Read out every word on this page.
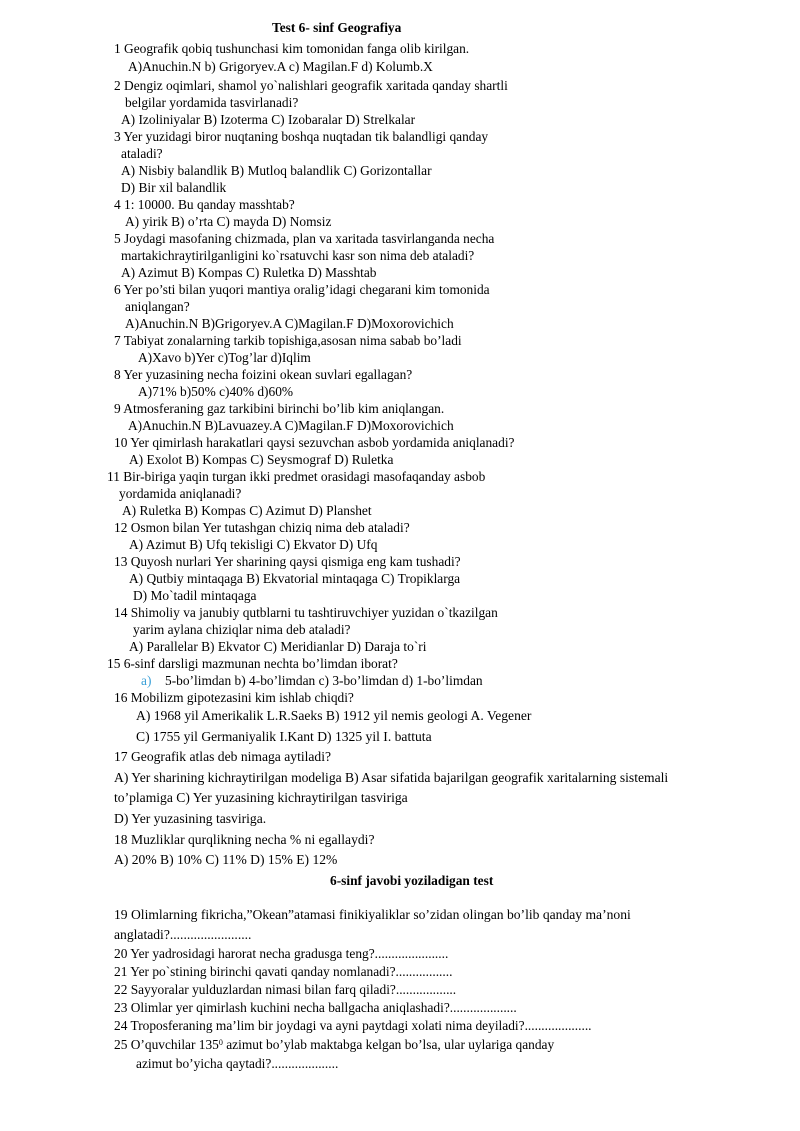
Test 6- sinf Geografiya
1 Geografik qobiq tushunchasi kim tomonidan fanga olib kirilgan.
A)Anuchin.N b) Grigoryev.A c) Magilan.F d) Kolumb.X
2 Dengiz oqimlari, shamol yo`nalishlari geografik xaritada qanday shartli
belgilar yordamida tasvirlanadi?
A) Izoliniyalar B) Izoterma C) Izobaralar D) Strelkalar
3 Yer yuzidagi biror nuqtaning boshqa nuqtadan tik balandligi qanday
ataladi?
A) Nisbiy balandlik B) Mutloq balandlik C) Gorizontallar
D) Bir xil balandlik
4 1: 10000. Bu qanday masshtab?
A) yirik B) o’rta C) mayda D) Nomsiz
5 Joydagi masofaning chizmada, plan va xaritada tasvirlanganda necha
martakichraytirilganligini ko`rsatuvchi kasr son nima deb ataladi?
A) Azimut B) Kompas C) Ruletka D) Masshtab
6 Yer po’sti bilan yuqori mantiya oralig’idagi chegarani kim tomonida
aniqlangan?
A)Anuchin.N B)Grigoryev.A C)Magilan.F D)Moxorovichich
7 Tabiyat zonalarning tarkib topishiga,asosan nima sabab bo’ladi
A)Xavo b)Yer c)Tog’lar d)Iqlim
8 Yer yuzasining necha foizini okean suvlari egallagan?
A)71% b)50% c)40% d)60%
9 Atmosferaning gaz tarkibini birinchi bo’lib kim aniqlangan.
A)Anuchin.N B)Lavuazey.A C)Magilan.F D)Moxorovichich
10 Yer qimirlash harakatlari qaysi sezuvchan asbob yordamida aniqlanadi?
A) Exolot B) Kompas C) Seysmograf D) Ruletka
11 Bir-biriga yaqin turgan ikki predmet orasidagi masofaqanday asbob
yordamida aniqlanadi?
A) Ruletka B) Kompas C) Azimut D) Planshet
12 Osmon bilan Yer tutashgan chiziq nima deb ataladi?
A) Azimut B) Ufq tekisligi C) Ekvator D) Ufq
13 Quyosh nurlari Yer sharining qaysi qismiga eng kam tushadi?
A) Qutbiy mintaqaga B) Ekvatorial mintaqaga C) Tropiklarga
D) Mo`tadil mintaqaga
14 Shimoliy va janubiy qutblarni tu tashtiruvchiyer yuzidan o`tkazilgan
yarim aylana chiziqlar nima deb ataladi?
A) Parallelar B) Ekvator C) Meridianlar D) Daraja to`ri
15 6-sinf darsligi mazmunan nechta bo’limdan iborat?
a) 5-bo’limdan b) 4-bo’limdan c) 3-bo’limdan d) 1-bo’limdan
16 Mobilizm gipotezasini kim ishlab chiqdi?
A) 1968 yil Amerikalik L.R.Saeks B) 1912 yil nemis geologi A. Vegener
C) 1755 yil Germaniyalik I.Kant D) 1325 yil I. battuta
17 Geografik atlas deb nimaga aytiladi?
A) Yer sharining kichraytirilgan modeliga B) Asar sifatida bajarilgan geografik xaritalarning sistemali
to’plamiga C) Yer yuzasining kichraytirilgan tasviriga
D) Yer yuzasining tasviriga.
18 Muzliklar qurqlikning necha % ni egallaydi?
A) 20% B) 10% C) 11% D) 15% E) 12%
6-sinf javobi yoziladigan test
19 Olimlarning fikricha,”Okean”atamasi finikiyaliklar so’zidan olingan bo’lib qanday ma’noni
anglatadi?........................
20 Yer yadrosidagi harorat necha gradusga teng?......................
21 Yer po`stining birinchi qavati qanday nomlanadi?.................
22 Sayyoralar yulduzlardan nimasi bilan farq qiladi?..................
23 Olimlar yer qimirlash kuchini necha ballgacha aniqlashadi?....................
24 Troposferaning ma’lim bir joydagi va ayni paytdagi xolati nima deyiladi?....................
25 O’quvchilar $135^0$ azimut bo’ylab maktabga kelgan bo’lsa, ular uylariga qanday
azimut bo’yicha qaytadi?....................
